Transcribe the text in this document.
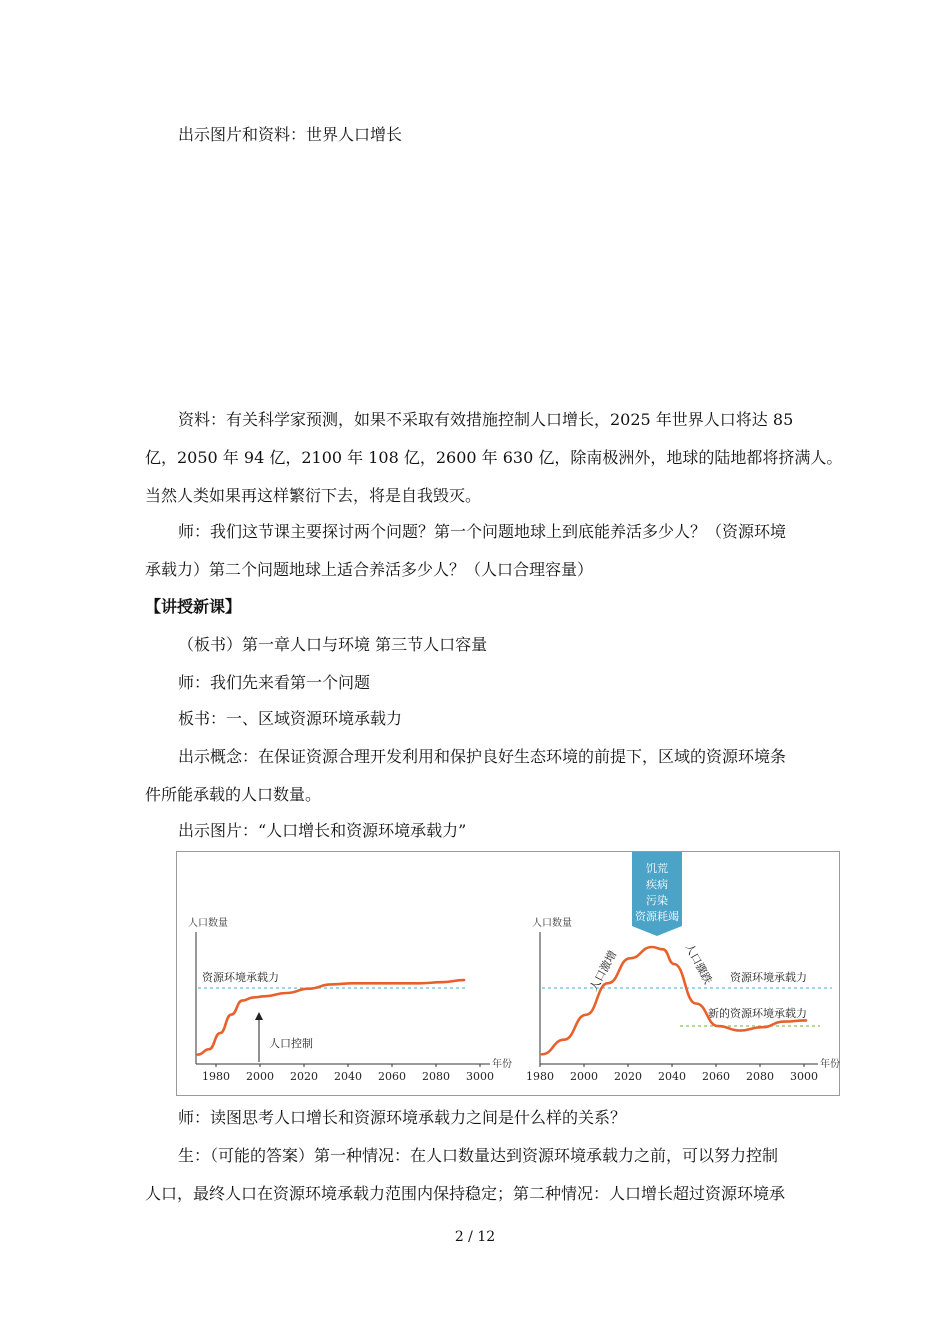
出示图片和资料：世界人口增长
资料：有关科学家预测，如果不采取有效措施控制人口增长，2025 年世界人口将达 85
亿，2050 年 94 亿，2100 年 108 亿，2600 年 630 亿，除南极洲外，地球的陆地都将挤满人。
当然人类如果再这样繁衍下去，将是自我毁灭。
师：我们这节课主要探讨两个问题？第一个问题地球上到底能养活多少人？（资源环境
承载力）第二个问题地球上适合养活多少人？（人口合理容量）
【讲授新课】
（板书）第一章人口与环境 第三节人口容量
师：我们先来看第一个问题
板书：一、区域资源环境承载力
出示概念：在保证资源合理开发利用和保护良好生态环境的前提下，区域的资源环境条
件所能承载的人口数量。
出示图片：“人口增长和资源环境承载力”
人口数量
年份
1980 2000 2020 2040 2060 2080 3000
资源环境承载力
人口控制
人口数量
年份
1980 2000 2020 2040 2060 2080 3000
资源环境承载力
新的资源环境承载力
人口激增	人口骤跌
饥荒
疾病
污染
资源耗竭
师：读图思考人口增长和资源环境承载力之间是什么样的关系？
生：（可能的答案）第一种情况：在人口数量达到资源环境承载力之前，可以努力控制
人口，最终人口在资源环境承载力范围内保持稳定；第二种情况：人口增长超过资源环境承
2 / 12
